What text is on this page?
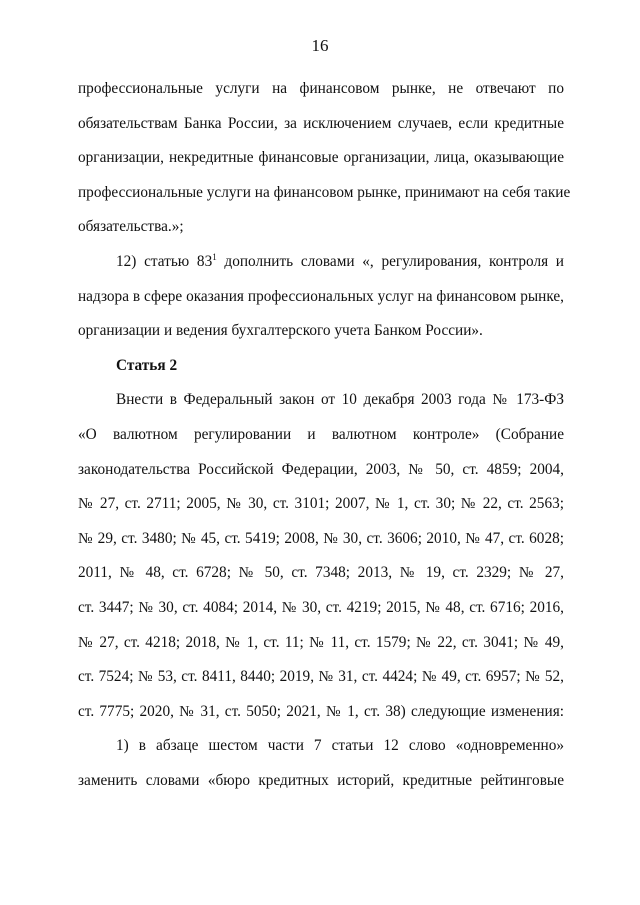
16
профессиональные услуги на финансовом рынке, не отвечают по
обязательствам Банка России, за исключением случаев, если кредитные
организации, некредитные финансовые организации, лица, оказывающие
профессиональные услуги на финансовом рынке, принимают на себя такие
обязательства.»;
12) статью $83^1$ дополнить словами «, регулирования, контроля и
надзора в сфере оказания профессиональных услуг на финансовом рынке,
организации и ведения бухгалтерского учета Банком России».
Статья 2
Внести в Федеральный закон от 10 декабря 2003 года № 173-ФЗ
«О валютном регулировании и валютном контроле» (Собрание
законодательства Российской Федерации, 2003, № 50, ст. 4859; 2004,
№ 27, ст. 2711; 2005, № 30, ст. 3101; 2007, № 1, ст. 30; № 22, ст. 2563;
№ 29, ст. 3480; № 45, ст. 5419; 2008, № 30, ст. 3606; 2010, № 47, ст. 6028;
2011, № 48, ст. 6728; № 50, ст. 7348; 2013, № 19, ст. 2329; № 27,
ст. 3447; № 30, ст. 4084; 2014, № 30, ст. 4219; 2015, № 48, ст. 6716; 2016,
№ 27, ст. 4218; 2018, № 1, ст. 11; № 11, ст. 1579; № 22, ст. 3041; № 49,
ст. 7524; № 53, ст. 8411, 8440; 2019, № 31, ст. 4424; № 49, ст. 6957; № 52,
ст. 7775; 2020, № 31, ст. 5050; 2021, № 1, ст. 38) следующие изменения:
1) в абзаце шестом части 7 статьи 12 слово «одновременно»
заменить словами «бюро кредитных историй, кредитные рейтинговые
